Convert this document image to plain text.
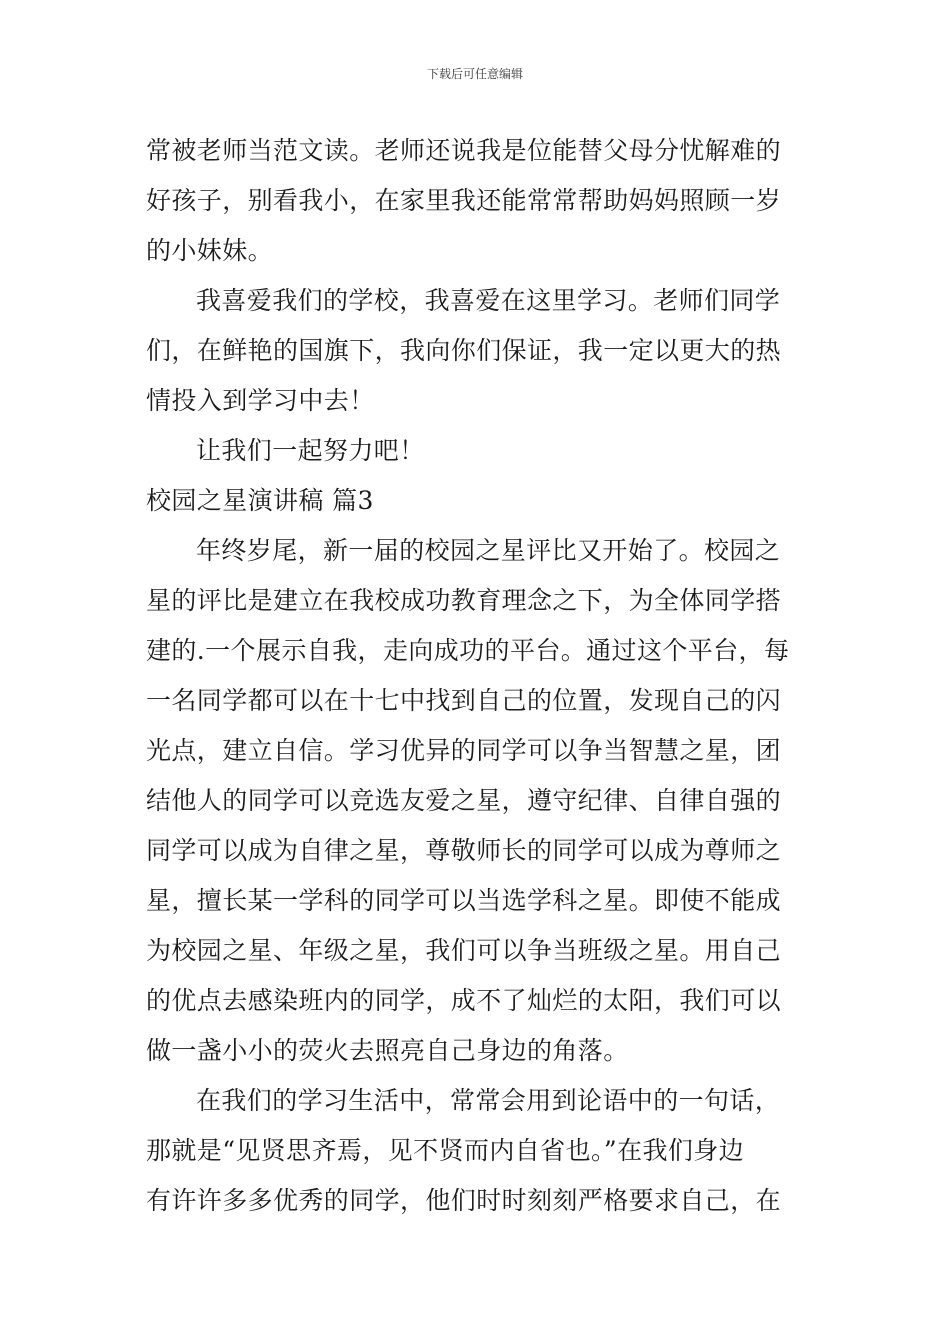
下载后可任意编辑
常被老师当范文读。老师还说我是位能替父母分忧解难的
好孩子，别看我小，在家里我还能常常帮助妈妈照顾一岁
的小妹妹。
我喜爱我们的学校，我喜爱在这里学习。老师们同学
们，在鲜艳的国旗下，我向你们保证，我一定以更大的热
情投入到学习中去！
让我们一起努力吧！
校园之星演讲稿 篇3
年终岁尾，新一届的校园之星评比又开始了。校园之
星的评比是建立在我校成功教育理念之下，为全体同学搭
建的.一个展示自我，走向成功的平台。通过这个平台，每
一名同学都可以在十七中找到自己的位置，发现自己的闪
光点，建立自信。学习优异的同学可以争当智慧之星，团
结他人的同学可以竞选友爱之星，遵守纪律、自律自强的
同学可以成为自律之星，尊敬师长的同学可以成为尊师之
星，擅长某一学科的同学可以当选学科之星。即使不能成
为校园之星、年级之星，我们可以争当班级之星。用自己
的优点去感染班内的同学，成不了灿烂的太阳，我们可以
做一盏小小的荧火去照亮自己身边的角落。
在我们的学习生活中，常常会用到论语中的一句话，
那就是“见贤思齐焉，见不贤而内自省也。”在我们身边
有许许多多优秀的同学，他们时时刻刻严格要求自己，在
